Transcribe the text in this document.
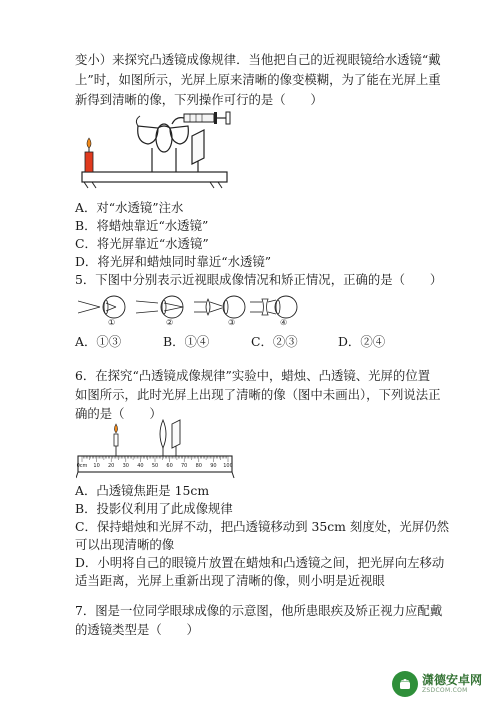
变小）来探究凸透镜成像规律．当他把自己的近视眼镜给水透镜“戴
上”时，如图所示，光屏上原来清晰的像变模糊，为了能在光屏上重
新得到清晰的像，下列操作可行的是（　　）
A．对“水透镜”注水
B．将蜡烛靠近“水透镜”
C．将光屏靠近“水透镜”
D．将光屏和蜡烛同时靠近“水透镜”
5．下图中分别表示近视眼成像情况和矫正情况，正确的是（　　）
①	②	③	④
A．①③	B．①④	C．②③	D．②④
6．在探究“凸透镜成像规律”实验中，蜡烛、凸透镜、光屏的位置
如图所示，此时光屏上出现了清晰的像（图中未画出），下列说法正
确的是（　　）
0cm 10 20 30 40 50 60 70 80 90 100
A．凸透镜焦距是 15cm
B．投影仪利用了此成像规律
C．保持蜡烛和光屏不动，把凸透镜移动到 35cm 刻度处，光屏仍然
可以出现清晰的像
D．小明将自己的眼镜片放置在蜡烛和凸透镜之间，把光屏向左移动
适当距离，光屏上重新出现了清晰的像，则小明是近视眼
7．图是一位同学眼球成像的示意图，他所患眼疾及矫正视力应配戴
的透镜类型是（　　）
潇德安卓网
ZSDCOM.COM
